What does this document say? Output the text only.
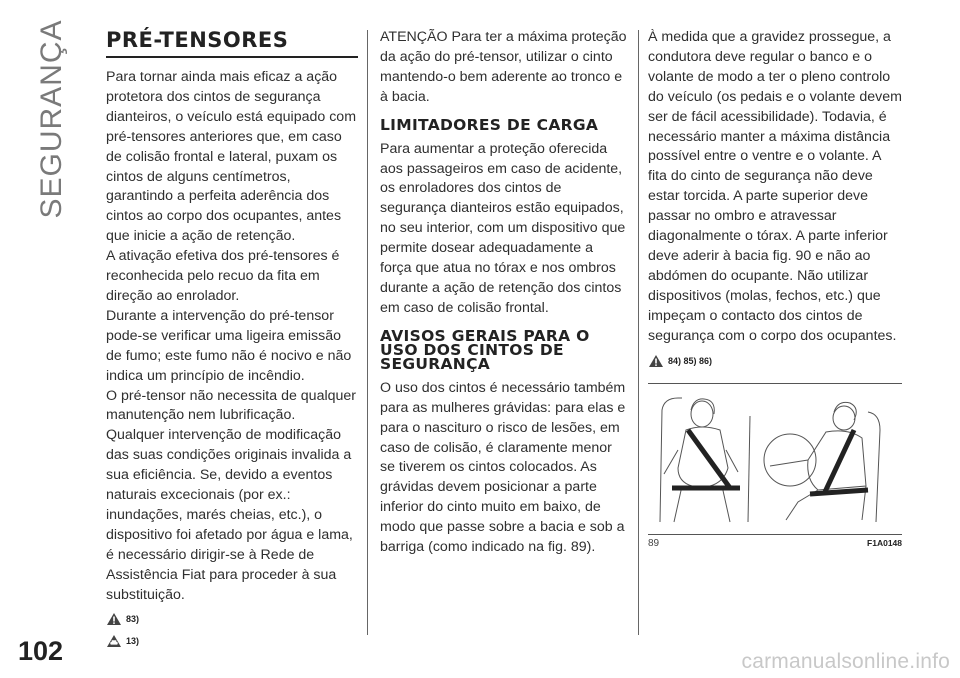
SEGURANÇA PRÉ-TENSORES

Para tornar ainda mais eficaz a ação protetora dos cintos de segurança dianteiros, o veículo está equipado com pré-tensores anteriores que, em caso de colisão frontal e lateral, puxam os cintos de alguns centímetros, garantindo a perfeita aderência dos cintos ao corpo dos ocupantes, antes que inicie a ação de retenção.

A ativação efetiva dos pré-tensores é reconhecida pelo recuo da fita em direção ao enrolador.

Durante a intervenção do pré-tensor pode-se verificar uma ligeira emissão de fumo; este fumo não é nocivo e não indica um princípio de incêndio.

O pré-tensor não necessita de qualquer manutenção nem lubrificação.

Qualquer intervenção de modificação das suas condições originais invalida a sua eficiência. Se, devido a eventos naturais excecionais (por ex.: inundações, marés cheias, etc.), o dispositivo foi afetado por água e lama, é necessário dirigir-se à Rede de Assistência Fiat para proceder à sua substituição.

83)
13)

ATENÇÃO Para ter a máxima proteção da ação do pré-tensor, utilizar o cinto mantendo-o bem aderente ao tronco e à bacia.

LIMITADORES DE CARGA

Para aumentar a proteção oferecida aos passageiros em caso de acidente, os enroladores dos cintos de segurança dianteiros estão equipados, no seu interior, com um dispositivo que permite dosear adequadamente a força que atua no tórax e nos ombros durante a ação de retenção dos cintos em caso de colisão frontal.

AVISOS GERAIS PARA O
USO DOS CINTOS DE
SEGURANÇA

O uso dos cintos é necessário também para as mulheres grávidas: para elas e para o nascituro o risco de lesões, em caso de colisão, é claramente menor se tiverem os cintos colocados. As grávidas devem posicionar a parte inferior do cinto muito em baixo, de modo que passe sobre a bacia e sob a barriga (como indicado na fig. 89).

À medida que a gravidez prossegue, a condutora deve regular o banco e o volante de modo a ter o pleno controlo do veículo (os pedais e o volante devem ser de fácil acessibilidade). Todavia, é necessário manter a máxima distância possível entre o ventre e o volante. A fita do cinto de segurança não deve estar torcida. A parte superior deve passar no ombro e atravessar diagonalmente o tórax. A parte inferior deve aderir à bacia fig. 90 e não ao abdómen do ocupante. Não utilizar dispositivos (molas, fechos, etc.) que impeçam o contacto dos cintos de segurança com o corpo dos ocupantes.

84) 85) 86)
89	F1A0148
102	carmanualsonline.info
